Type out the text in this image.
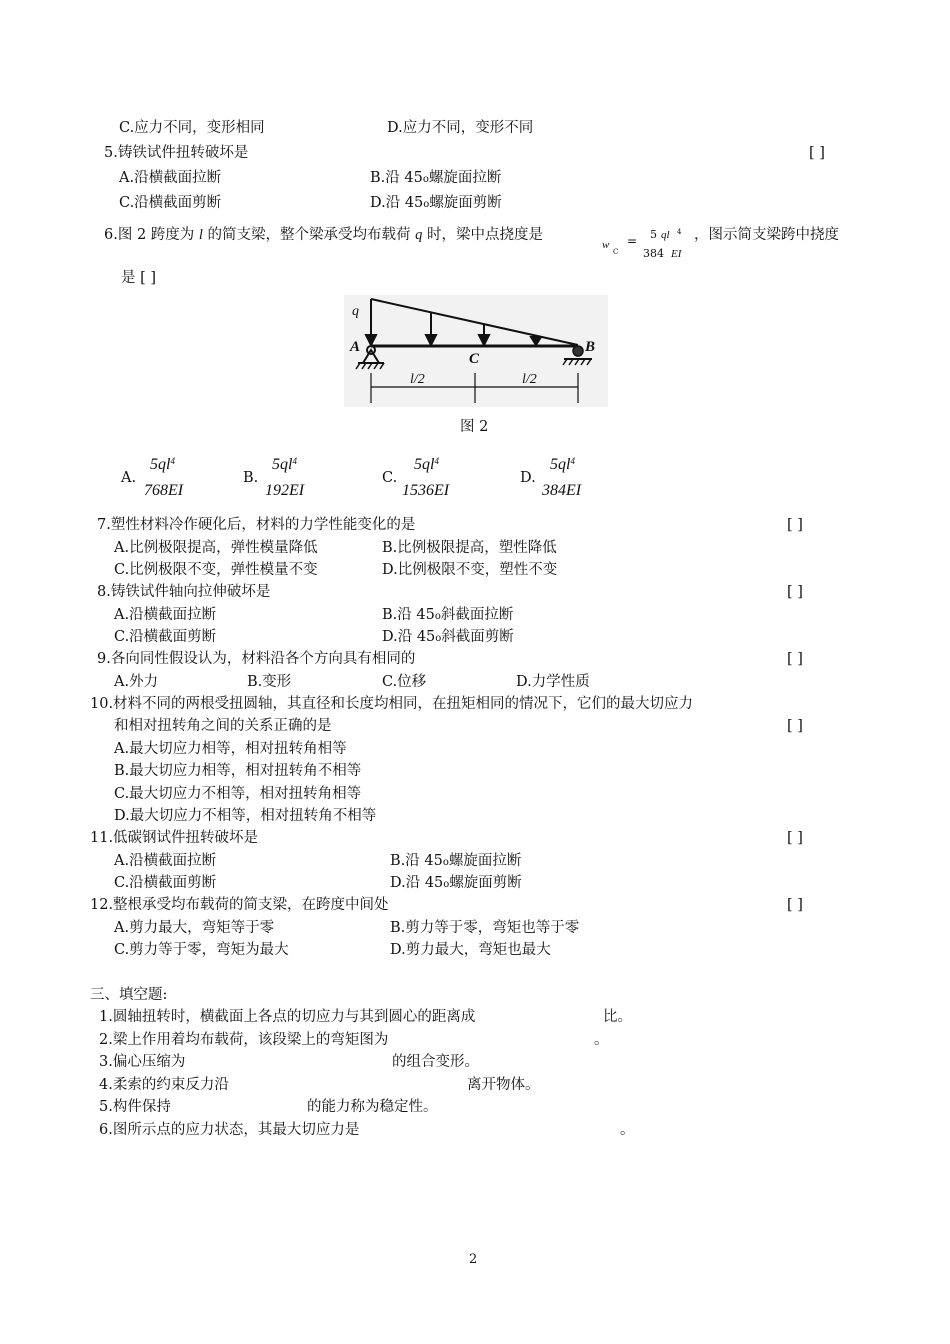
C.应力不同，变形相同	D.应力不同，变形不同
5.铸铁试件扭转破坏是	[ ]
A.沿横截面拉断	B.沿 45o螺旋面拉断
C.沿横截面剪断	D.沿 45o螺旋面剪断
6.图 2 跨度为 l 的简支梁，整个梁承受均布载荷 q 时，梁中点挠度是
w
C
= 5 ql 4
384 EI
，图示简支梁跨中挠度
是 [ ]
q
A	B
C
l/2	l/2
图 2
A.
$5ql^4$
768EI
B.
$5ql^4$
192EI
C.
$5ql^4$
1536EI
D.
$5ql^4$
384EI
7.塑性材料冷作硬化后，材料的力学性能变化的是	[ ]
A.比例极限提高，弹性模量降低	B.比例极限提高，塑性降低
C.比例极限不变，弹性模量不变	D.比例极限不变，塑性不变
8.铸铁试件轴向拉伸破坏是	[ ]
A.沿横截面拉断	B.沿 45o斜截面拉断
C.沿横截面剪断	D.沿 45o斜截面剪断
9.各向同性假设认为，材料沿各个方向具有相同的	[ ]
A.外力	B.变形	C.位移	D.力学性质
10.材料不同的两根受扭圆轴，其直径和长度均相同，在扭矩相同的情况下，它们的最大切应力
和相对扭转角之间的关系正确的是	[ ]
A.最大切应力相等，相对扭转角相等
B.最大切应力相等，相对扭转角不相等
C.最大切应力不相等，相对扭转角相等
D.最大切应力不相等，相对扭转角不相等
11.低碳钢试件扭转破坏是	[ ]
A.沿横截面拉断	B.沿 45o螺旋面拉断
C.沿横截面剪断	D.沿 45o螺旋面剪断
12.整根承受均布载荷的简支梁，在跨度中间处	[ ]
A.剪力最大，弯矩等于零	B.剪力等于零，弯矩也等于零
C.剪力等于零，弯矩为最大	D.剪力最大，弯矩也最大
三、填空题:
1.圆轴扭转时，横截面上各点的切应力与其到圆心的距离成	比。
2.梁上作用着均布载荷，该段梁上的弯矩图为	。
3.偏心压缩为	的组合变形。
4.柔索的约束反力沿	离开物体。
5.构件保持	的能力称为稳定性。
6.图所示点的应力状态，其最大切应力是	。
2
